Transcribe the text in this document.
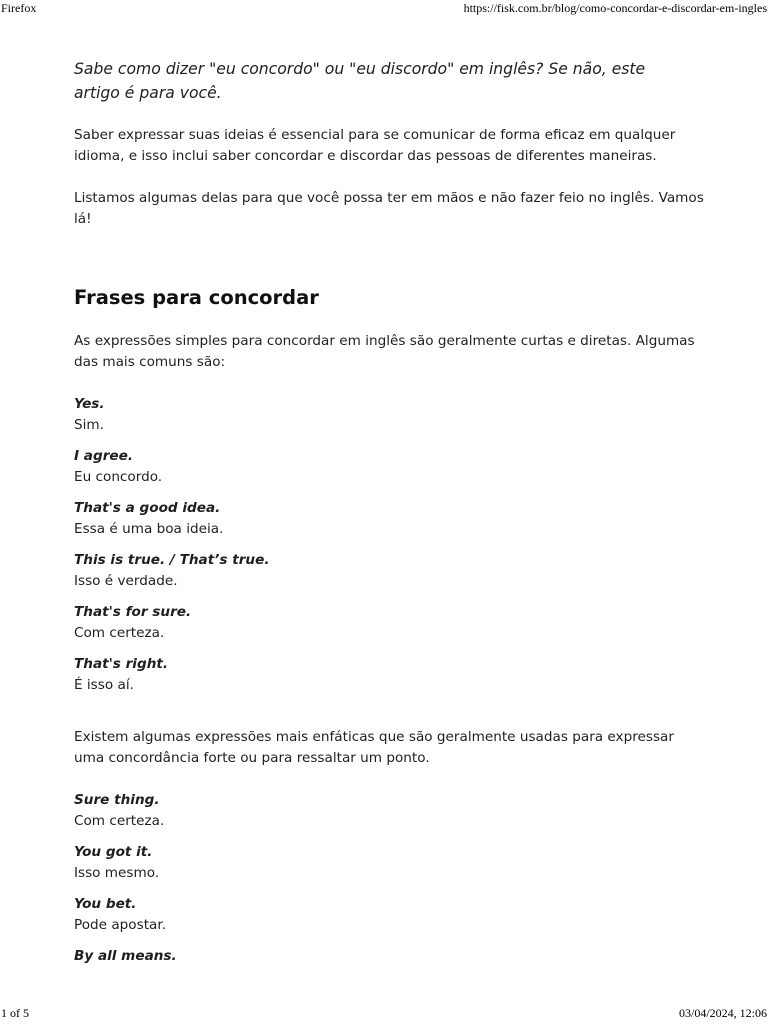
Firefox	https://fisk.com.br/blog/como-concordar-e-discordar-em-ingles

Sabe como dizer "eu concordo" ou "eu discordo" em inglês? Se não, este artigo é para você.

Saber expressar suas ideias é essencial para se comunicar de forma eficaz em qualquer idioma, e isso inclui saber concordar e discordar das pessoas de diferentes maneiras.

Listamos algumas delas para que você possa ter em mãos e não fazer feio no inglês. Vamos lá!

Frases para concordar

As expressões simples para concordar em inglês são geralmente curtas e diretas. Algumas das mais comuns são:

Yes.
Sim.
I agree.
Eu concordo.
That's a good idea.
Essa é uma boa ideia.
This is true. / That’s true.
Isso é verdade.
That's for sure.
Com certeza.
That's right.
É isso aí.

Existem algumas expressões mais enfáticas que são geralmente usadas para expressar uma concordância forte ou para ressaltar um ponto.

Sure thing.
Com certeza.
You got it.
Isso mesmo.
You bet.
Pode apostar.
By all means.
1 of 5	03/04/2024, 12:06
